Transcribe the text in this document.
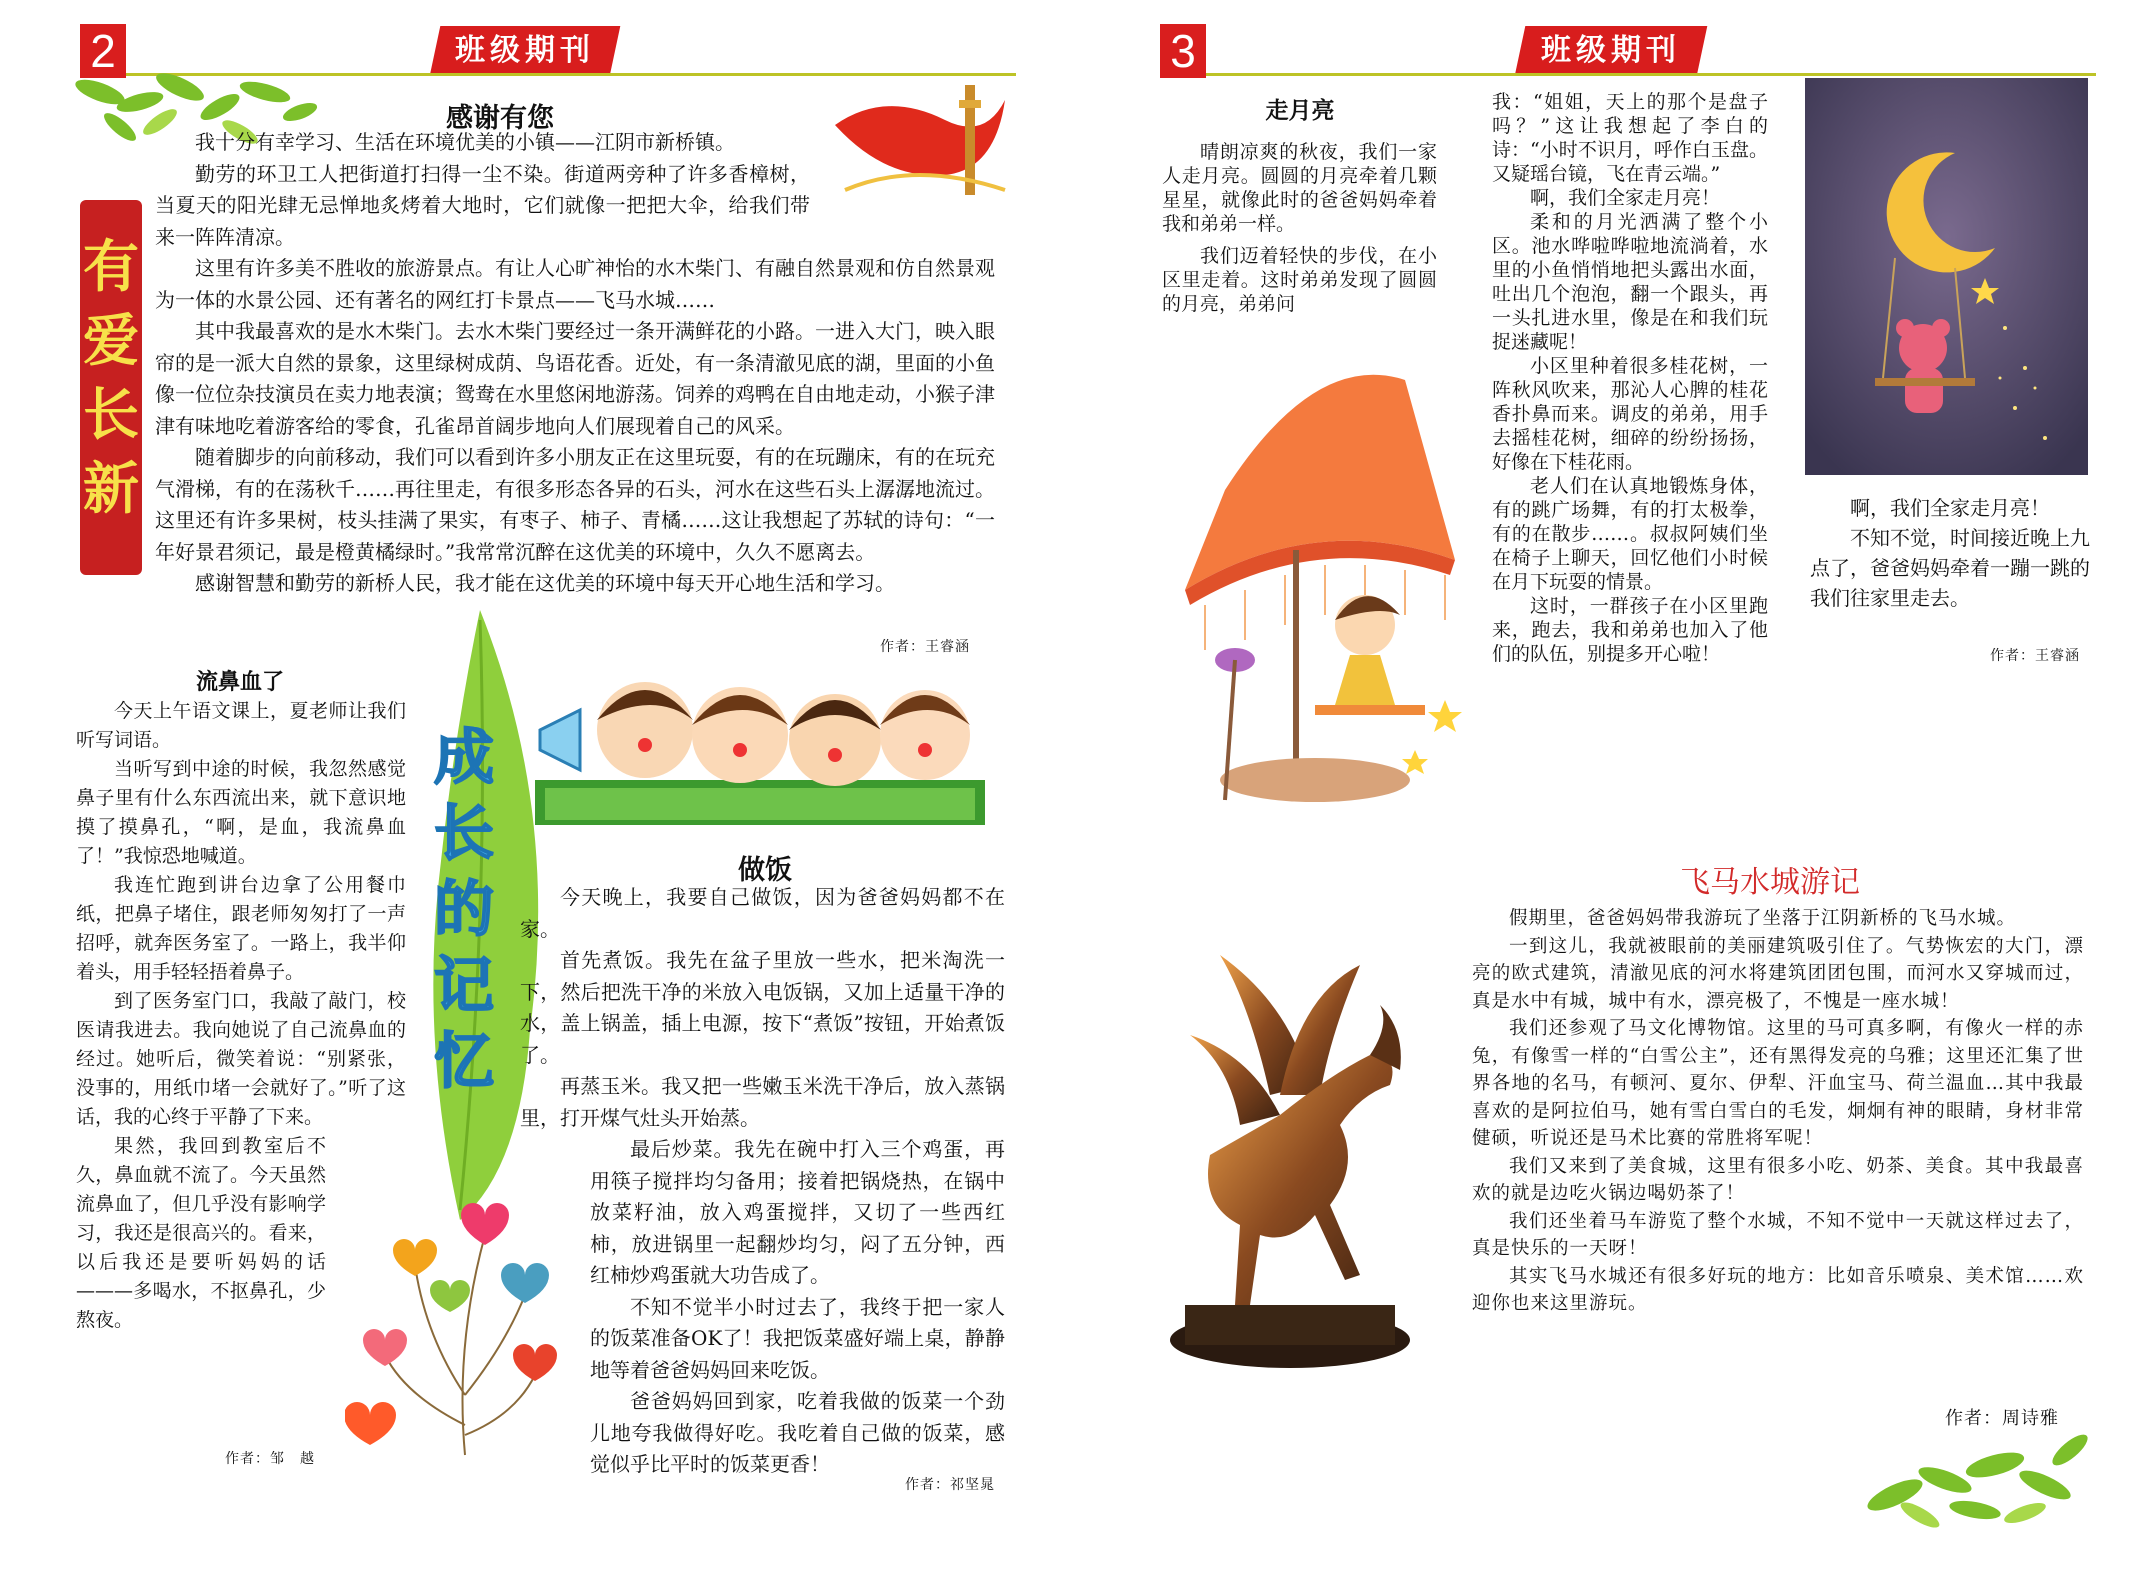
2	班级期刊
有爱长新
感谢有您

我十分有幸学习、生活在环境优美的小镇——江阴市新桥镇。

勤劳的环卫工人把街道打扫得一尘不染。街道两旁种了许多香樟树，当夏天的阳光肆无忌惮地炙烤着大地时，它们就像一把把大伞，给我们带来一阵阵清凉。

这里有许多美不胜收的旅游景点。有让人心旷神怡的水木柴门、有融自然景观和仿自然景观为一体的水景公园、还有著名的网红打卡景点——飞马水城……

其中我最喜欢的是水木柴门。去水木柴门要经过一条开满鲜花的小路。一进入大门，映入眼帘的是一派大自然的景象，这里绿树成荫、鸟语花香。近处，有一条清澈见底的湖，里面的小鱼像一位位杂技演员在卖力地表演；鸳鸯在水里悠闲地游荡。饲养的鸡鸭在自由地走动，小猴子津津有味地吃着游客给的零食，孔雀昂首阔步地向人们展现着自己的风采。

随着脚步的向前移动，我们可以看到许多小朋友正在这里玩耍，有的在玩蹦床，有的在玩充气滑梯，有的在荡秋千……再往里走，有很多形态各异的石头，河水在这些石头上潺潺地流过。这里还有许多果树，枝头挂满了果实，有枣子、柿子、青橘……这让我想起了苏轼的诗句：“一年好景君须记，最是橙黄橘绿时。”我常常沉醉在这优美的环境中，久久不愿离去。

感谢智慧和勤劳的新桥人民，我才能在这优美的环境中每天开心地生活和学习。

作者：王睿涵
流鼻血了

今天上午语文课上，夏老师让我们听写词语。

当听写到中途的时候，我忽然感觉鼻子里有什么东西流出来，就下意识地摸了摸鼻孔，“啊，是血，我流鼻血了！”我惊恐地喊道。

我连忙跑到讲台边拿了公用餐巾纸，把鼻子堵住，跟老师匆匆打了一声招呼，就奔医务室了。一路上，我半仰着头，用手轻轻捂着鼻子。

到了医务室门口，我敲了敲门，校医请我进去。我向她说了自己流鼻血的经过。她听后，微笑着说：“别紧张，没事的，用纸巾堵一会就好了。”听了这话，我的心终于平静了下来。

果然，我回到教室后不久，鼻血就不流了。今天虽然流鼻血了，但几乎没有影响学习，我还是很高兴的。看来，以后我还是要听妈妈的话———多喝水，不抠鼻孔，少熬夜。

作者：邹　越
成长的记忆
做饭

今天晚上，我要自己做饭，因为爸爸妈妈都不在家。

首先煮饭。我先在盆子里放一些水，把米淘洗一下，然后把洗干净的米放入电饭锅，又加上适量干净的水，盖上锅盖，插上电源，按下“煮饭”按钮，开始煮饭了。

再蒸玉米。我又把一些嫩玉米洗干净后，放入蒸锅里，打开煤气灶头开始蒸。

最后炒菜。我先在碗中打入三个鸡蛋，再用筷子搅拌均匀备用；接着把锅烧热，在锅中放菜籽油，放入鸡蛋搅拌，又切了一些西红柿，放进锅里一起翻炒均匀，闷了五分钟，西红柿炒鸡蛋就大功告成了。

不知不觉半小时过去了，我终于把一家人的饭菜准备OK了！我把饭菜盛好端上桌，静静地等着爸爸妈妈回来吃饭。

爸爸妈妈回到家，吃着我做的饭菜一个劲儿地夸我做得好吃。我吃着自己做的饭菜，感觉似乎比平时的饭菜更香！

作者：祁坚晁
3	班级期刊
走月亮

晴朗凉爽的秋夜，我们一家人走月亮。圆圆的月亮牵着几颗星星，就像此时的爸爸妈妈牵着我和弟弟一样。

我们迈着轻快的步伐，在小区里走着。这时弟弟发现了圆圆的月亮，弟弟问

我：“姐姐，天上的那个是盘子吗？”这让我想起了李白的诗：“小时不识月，呼作白玉盘。又疑瑶台镜，飞在青云端。”

啊，我们全家走月亮！

柔和的月光洒满了整个小区。池水哗啦哗啦地流淌着，水里的小鱼悄悄地把头露出水面，吐出几个泡泡，翻一个跟头，再一头扎进水里，像是在和我们玩捉迷藏呢！

小区里种着很多桂花树，一阵秋风吹来，那沁人心脾的桂花香扑鼻而来。调皮的弟弟，用手去摇桂花树，细碎的纷纷扬扬，好像在下桂花雨。

老人们在认真地锻炼身体，有的跳广场舞，有的打太极拳，有的在散步……。叔叔阿姨们坐在椅子上聊天，回忆他们小时候在月下玩耍的情景。

这时，一群孩子在小区里跑来，跑去，我和弟弟也加入了他们的队伍，别提多开心啦！

啊，我们全家走月亮！

不知不觉，时间接近晚上九点了，爸爸妈妈牵着一蹦一跳的我们往家里走去。

作者：王睿涵
飞马水城游记

假期里，爸爸妈妈带我游玩了坐落于江阴新桥的飞马水城。

一到这儿，我就被眼前的美丽建筑吸引住了。气势恢宏的大门，漂亮的欧式建筑，清澈见底的河水将建筑团团包围，而河水又穿城而过，真是水中有城，城中有水，漂亮极了，不愧是一座水城！

我们还参观了马文化博物馆。这里的马可真多啊，有像火一样的赤兔，有像雪一样的“白雪公主”，还有黑得发亮的乌雅；这里还汇集了世界各地的名马，有顿河、夏尔、伊犁、汗血宝马、荷兰温血…其中我最喜欢的是阿拉伯马，她有雪白雪白的毛发，炯炯有神的眼睛，身材非常健硕，听说还是马术比赛的常胜将军呢！

我们又来到了美食城，这里有很多小吃、奶茶、美食。其中我最喜欢的就是边吃火锅边喝奶茶了！

我们还坐着马车游览了整个水城，不知不觉中一天就这样过去了，真是快乐的一天呀！

其实飞马水城还有很多好玩的地方：比如音乐喷泉、美术馆……欢迎你也来这里游玩。

作者：周诗雅
